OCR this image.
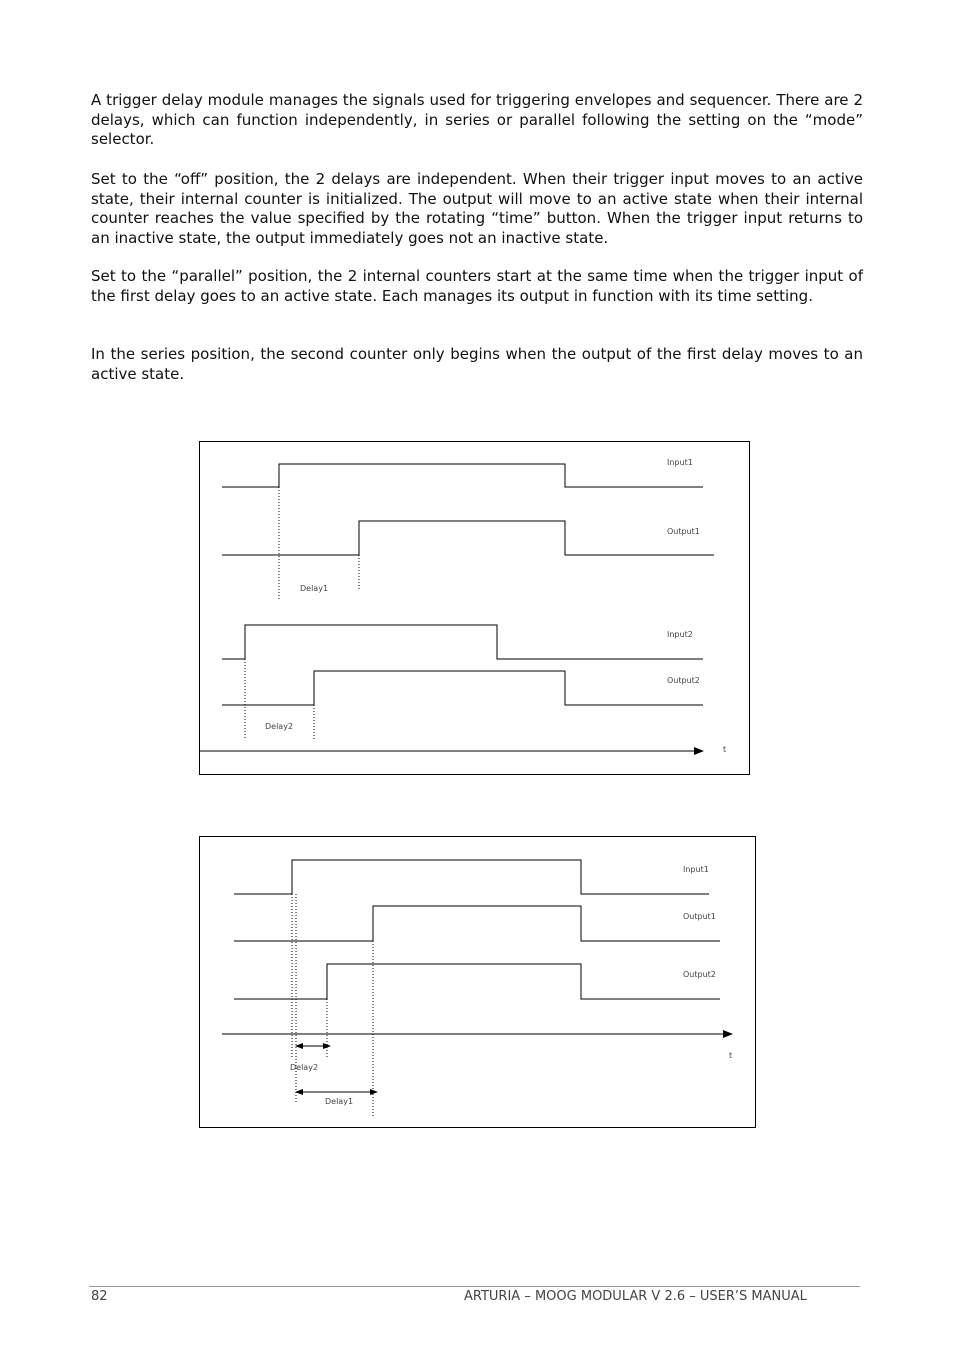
A trigger delay module manages the signals used for triggering envelopes and sequencer. There are 2 delays, which can function independently, in series or parallel following the setting on the “mode” selector.

Set to the “off” position, the 2 delays are independent. When their trigger input moves to an active state, their internal counter is initialized. The output will move to an active state when their internal counter reaches the value specified by the rotating “time” button. When the trigger input returns to an inactive state, the output immediately goes not an inactive state.

Set to the “parallel” position, the 2 internal counters start at the same time when the trigger input of the first delay goes to an active state. Each manages its output in function with its time setting.

In the series position, the second counter only begins when the output of the first delay moves to an active state.

Input1
Output1
Delay1
Input2
Output2
Delay2
t
Input1
Output1
Output2
t
Delay2
Delay1
82	ARTURIA – MOOG MODULAR V 2.6 – USER’S MANUAL
